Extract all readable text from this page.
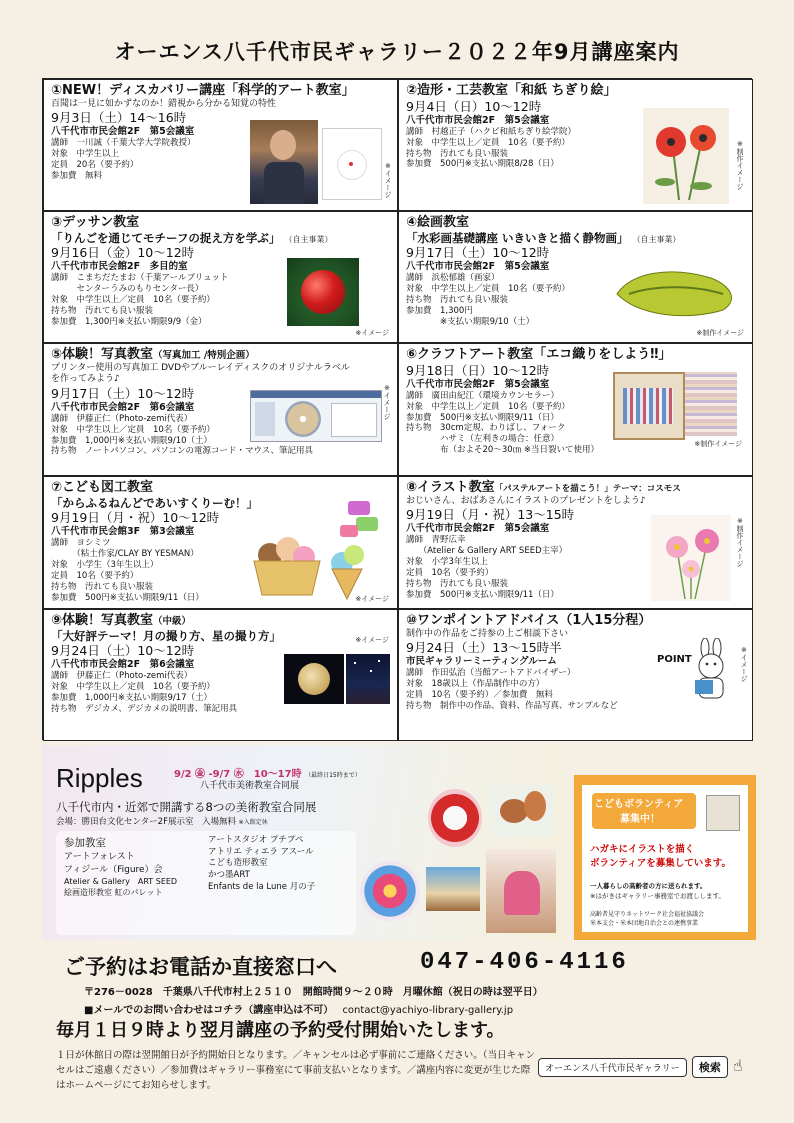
オーエンス八千代市民ギャラリー２０２２年9月講座案内
①NEW！ディスカバリー講座「科学的アート教室」
百聞は一見に如かずなのか！錯視から分かる知覚の特性
9月3日（土）14～16時
八千代市市民会館2F　第5会議室
講師　一川誠（千葉大学大学院教授）
対象　中学生以上
定員　20名（要予約）
参加費　無料	※イメージ
②造形・工芸教室「和紙 ちぎり絵」
9月4日（日）10～12時
八千代市市民会館2F　第5会議室
講師　村越正子（ハクビ和紙ちぎり絵学院）
対象　中学生以上／定員　10名（要予約）
持ち物　汚れても良い服装
参加費　500円※支払い期限8/28（日）	※制作イメージ
③デッサン教室
「りんごを通じてモチーフの捉え方を学ぶ」 （自主事業）
9月16日（金）10～12時
八千代市市民会館2F　多目的室
講師　こまちだたまお（千葉アールブリュット
　　　センターうみのもりセンター長）
対象　中学生以上／定員　10名（要予約）
持ち物　汚れても良い服装
参加費　1,300円※支払い期限9/9（金）
※イメージ
④絵画教室
「水彩画基礎講座 いきいきと描く静物画」 （自主事業）
9月17日（土）10～12時
八千代市市民会館2F　第5会議室
講師　浜松郁雄（画家）
対象　中学生以上／定員　10名（要予約）
持ち物　汚れても良い服装
参加費　1,300円
　　　　※支払い期限9/10（土）
※制作イメージ
⑤体験！写真教室（写真加工 /特別企画）
プリンター使用の写真加工 DVDやブルーレイディスクのオリジナルラベルを作ってみよう♪
9月17日（土）10～12時
八千代市市民会館2F　第6会議室
講師　伊藤正仁（Photo-zemi代表）
対象　中学生以上／定員　10名（要予約）
参加費　1,000円※支払い期限9/10（土）
持ち物　ノートパソコン、パソコンの電源コード・マウス、筆記用具
※イメージ
⑥クラフトアート教室「エコ織りをしよう‼」
9月18日（日）10～12時
八千代市市民会館2F　第5会議室
講師　廣田由紀江（環境カウンセラー）
対象　中学生以上／定員　10名（要予約）
参加費　500円※支払い期限9/11（日）
持ち物　30cm定規、わりばし、フォーク
　　　　ハサミ（左利きの場合：任意）
　　　　布（およそ20～30㎝ ※当日裂いて使用）
※制作イメージ
⑦こども図工教室
「からふるねんどであいすくりーむ！」
9月19日（月・祝）10～12時
八千代市市民会館3F　第3会議室
講師　ヨシミツ
　　　（粘土作家/CLAY BY YESMAN）
対象　小学生（3年生以上）
定員　10名（要予約）
持ち物　汚れても良い服装
参加費　500円※支払い期限9/11（日）	※イメージ
⑧イラスト教室「パステルアートを描こう！」テーマ：コスモス
おじいさん、おばあさんにイラストのプレゼントをしよう♪
9月19日（月・祝）13～15時
八千代市市民会館2F　第5会議室
講師　青野広幸
　　（Atelier & Gallery ART SEED主宰）
対象　小学3年生以上
定員　10名（要予約）
持ち物　汚れても良い服装
参加費　500円※支払い期限9/11（日）
※制作イメージ
⑨体験！写真教室（中級）
「大好評テーマ！月の撮り方、星の撮り方」
9月24日（土）10～12時
八千代市市民会館2F　第6会議室
講師　伊藤正仁（Photo-zemi代表）
対象　中学生以上／定員　10名（要予約）
参加費　1,000円※支払い期限9/17（土）
持ち物　デジカメ、デジカメの説明書、筆記用具
※イメージ
⑩ワンポイントアドバイス（1人15分程）
制作中の作品をご持参の上ご相談下さい
9月24日（土）13～15時半
市民ギャラリーミーティングルーム
講師　作田弘治（当館アートアドバイザー）
対象　18歳以上（作品制作中の方）
定員　10名（要予約）／参加費　無料
持ち物　制作中の作品、資料、作品写真、サンプルなど
POINT	※イメージ
Ripples	9/2 ㊎ -9/7 ㊌　10～17時 （最終日15時まで）
八千代市美術教室合同展
八千代市内・近郊で開講する8つの美術教室合同展
会場：勝田台文化センター2F展示室　入場無料 ※入館定休
参加教室
アートフォレスト
フィジール（Figure）会
Atelier & Gallery　ART SEED
絵画造形教室 虹のパレット
アートスタジオ プチプペ
アトリエ ティエラ アスール
こども造形教室
かつ墨ART
Enfants de la Lune 月の子
こどもボランティア
募集中！
ハガキにイラストを描く
ボランティアを募集しています。
一人暮らしの高齢者の方に送られます。
※はがきはギャラリー事務室でお渡しします。
高齢者見守りネットワーク社会福祉協議会
米本支会・米本団地自治会との連携事業
ご予約はお電話か直接窓口へ	047-406-4116
〒276－0028　千葉県八千代市村上２５１０　開館時間９～２０時　月曜休館（祝日の時は翌平日）
■メールでのお問い合わせはコチラ（講座申込は不可） contact@yachiyo-library-gallery.jp
毎月１日９時より翌月講座の予約受付開始いたします。
１日が休館日の際は翌開館日が予約開始日となります。／キャンセルは必ず事前にご連絡ください。（当日キャンセルはご遠慮ください）／参加費はギャラリー事務室にて事前支払いとなります。／講座内容に変更が生じた際はホームページにてお知らせします。
オーエンス八千代市民ギャラリー 検索 ☝
